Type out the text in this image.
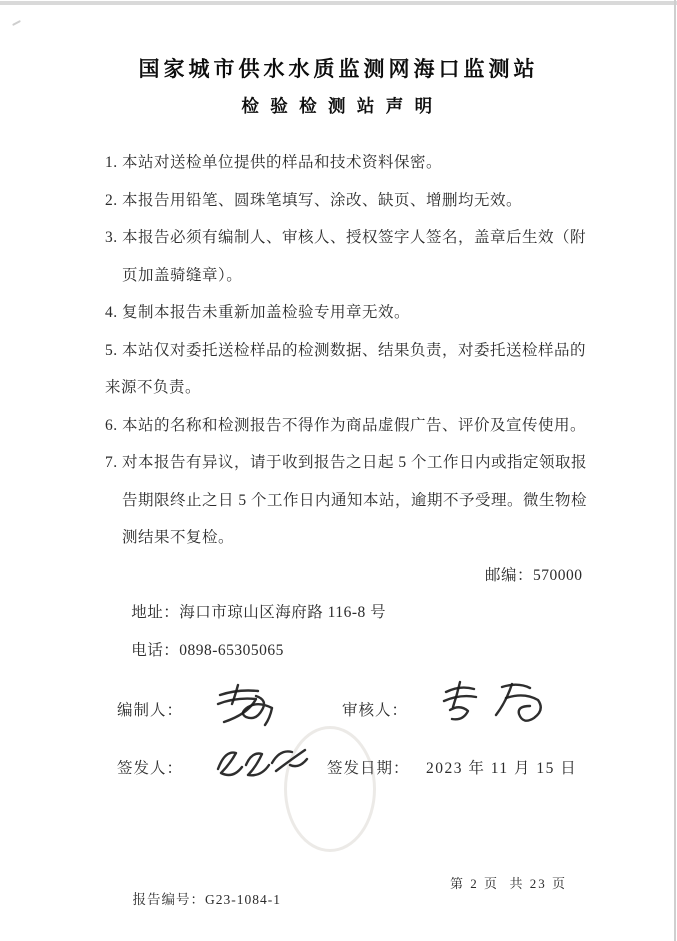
国家城市供水水质监测网海口监测站
检 验 检 测 站 声 明
1. 本站对送检单位提供的样品和技术资料保密。
2. 本报告用铅笔、圆珠笔填写、涂改、缺页、增删均无效。
3. 本报告必须有编制人、审核人、授权签字人签名，盖章后生效（附
页加盖骑缝章）。
4. 复制本报告未重新加盖检验专用章无效。
5. 本站仅对委托送检样品的检测数据、结果负责，对委托送检样品的
来源不负责。
6. 本站的名称和检测报告不得作为商品虚假广告、评价及宣传使用。
7. 对本报告有异议，请于收到报告之日起 5 个工作日内或指定领取报
告期限终止之日 5 个工作日内通知本站，逾期不予受理。微生物检
测结果不复检。

地址：海口市琼山区海府路 116-8 号

邮编：570000

电话：0898-65305065

编制人：	审核人：
签发人：	签发日期： 2023 年 11 月 15 日

报告编号：G23-1084-1

第 2 页  共 23 页
